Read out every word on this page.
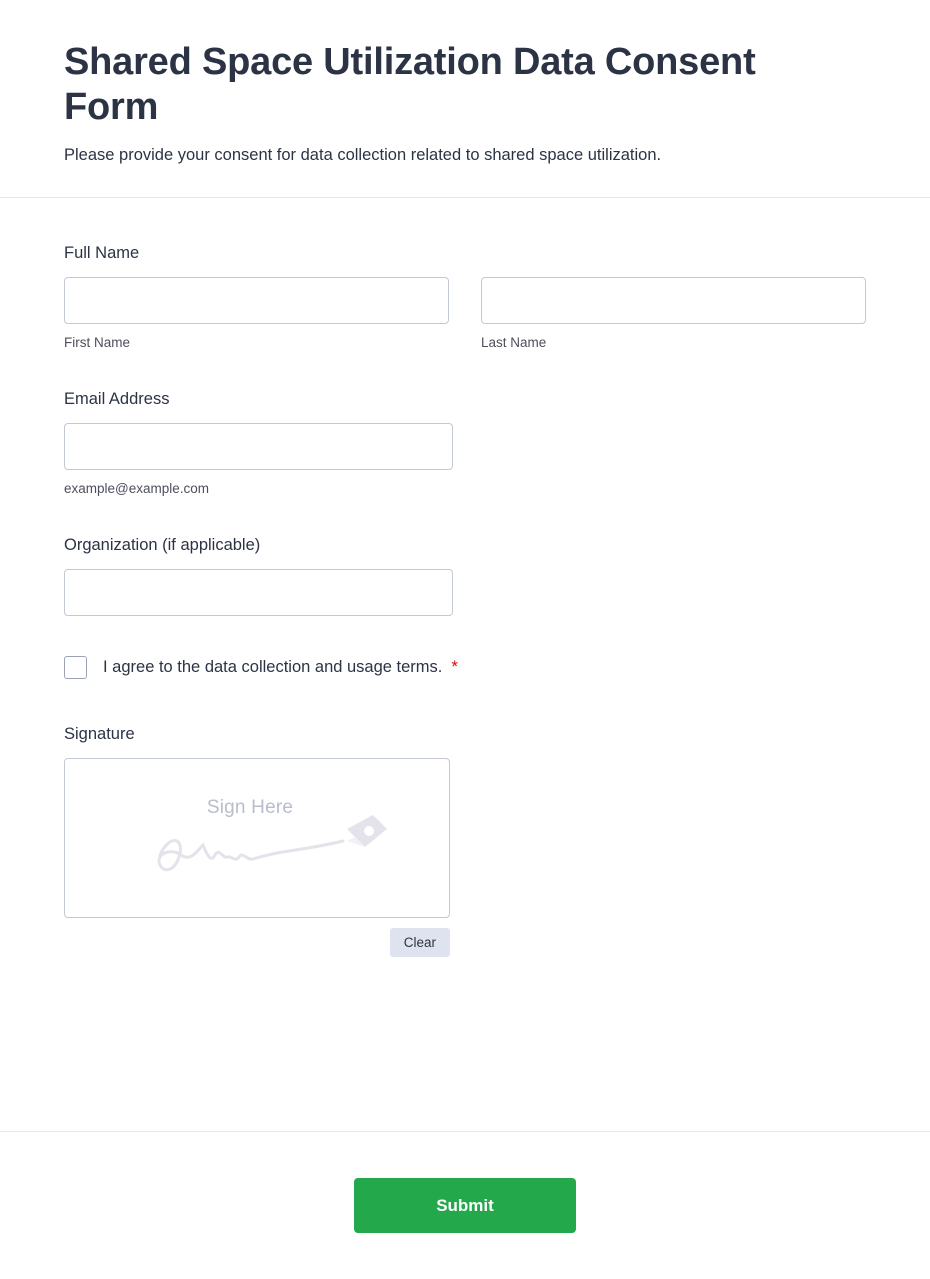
Shared Space Utilization Data Consent Form

Please provide your consent for data collection related to shared space utilization.

Full Name
First Name	Last Name
Email Address
example@example.com
Organization (if applicable)
I agree to the data collection and usage terms. *
Signature
Sign Here
Clear
Submit
